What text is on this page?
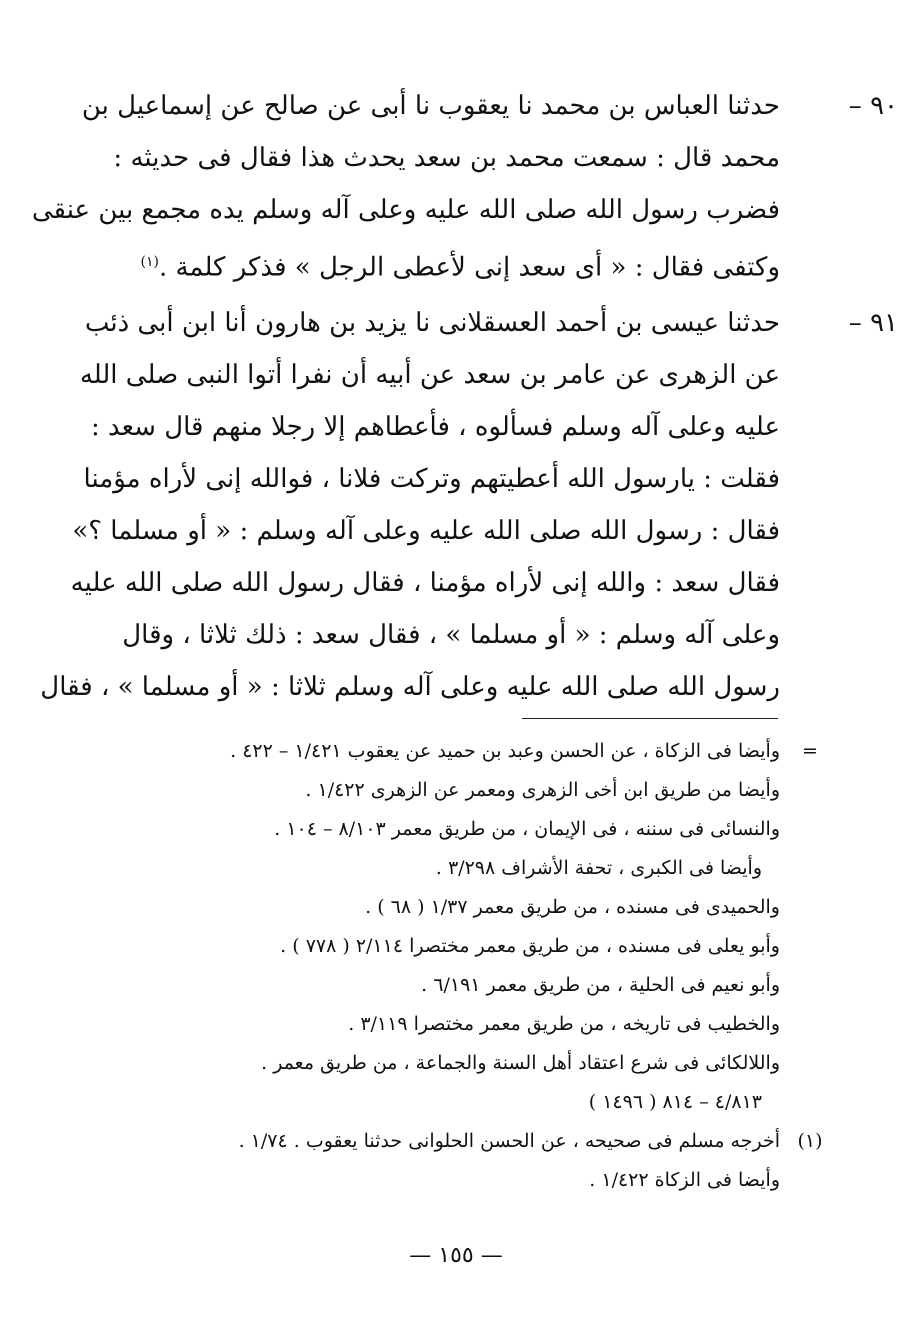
٩٠ –
حدثنا العباس بن محمد نا يعقوب نا أبى عن صالح عن إسماعيل بن
محمد قال : سمعت محمد بن سعد يحدث هذا فقال فى حديثه :
فضرب رسول الله صلى الله عليه وعلى آله وسلم يده مجمع بين عنقى
وكتفى فقال : « أى سعد إنى لأعطى الرجل » فذكر كلمة .$^{(١)}$
٩١ –
حدثنا عيسى بن أحمد العسقلانى نا يزيد بن هارون أنا ابن أبى ذئب
عن الزهرى عن عامر بن سعد عن أبيه أن نفرا أتوا النبى صلى الله
عليه وعلى آله وسلم فسألوه ، فأعطاهم إلا رجلا منهم قال سعد :
فقلت : يارسول الله أعطيتهم وتركت فلانا ، فوالله إنى لأراه مؤمنا
فقال : رسول الله صلى الله عليه وعلى آله وسلم : « أو مسلما ؟»
فقال سعد : والله إنى لأراه مؤمنا ، فقال رسول الله صلى الله عليه
وعلى آله وسلم : « أو مسلما » ، فقال سعد : ذلك ثلاثا ، وقال
رسول الله صلى الله عليه وعلى آله وسلم ثلاثا : « أو مسلما » ، فقال
=
وأيضا فى الزكاة ، عن الحسن وعبد بن حميد عن يعقوب ١/٤٢١ – ٤٢٢ .
وأيضا من طريق ابن أخى الزهرى ومعمر عن الزهرى ١/٤٢٢ .
والنسائى فى سننه ، فى الإيمان ، من طريق معمر ٨/١٠٣ – ١٠٤ .
وأيضا فى الكبرى ، تحفة الأشراف ٣/٢٩٨ .
والحميدى فى مسنده ، من طريق معمر ١/٣٧ ( ٦٨ ) .
وأبو يعلى فى مسنده ، من طريق معمر مختصرا ٢/١١٤ ( ٧٧٨ ) .
وأبو نعيم فى الحلية ، من طريق معمر ٦/١٩١ .
والخطيب فى تاريخه ، من طريق معمر مختصرا ٣/١١٩ .
واللالكائى فى شرع اعتقاد أهل السنة والجماعة ، من طريق معمر .
٤/٨١٣ – ٨١٤ ( ١٤٩٦ )
(١)
أخرجه مسلم فى صحيحه ، عن الحسن الحلوانى حدثنا يعقوب . ١/٧٤ .
وأيضا فى الزكاة ١/٤٢٢ .
— ١٥٥ —
